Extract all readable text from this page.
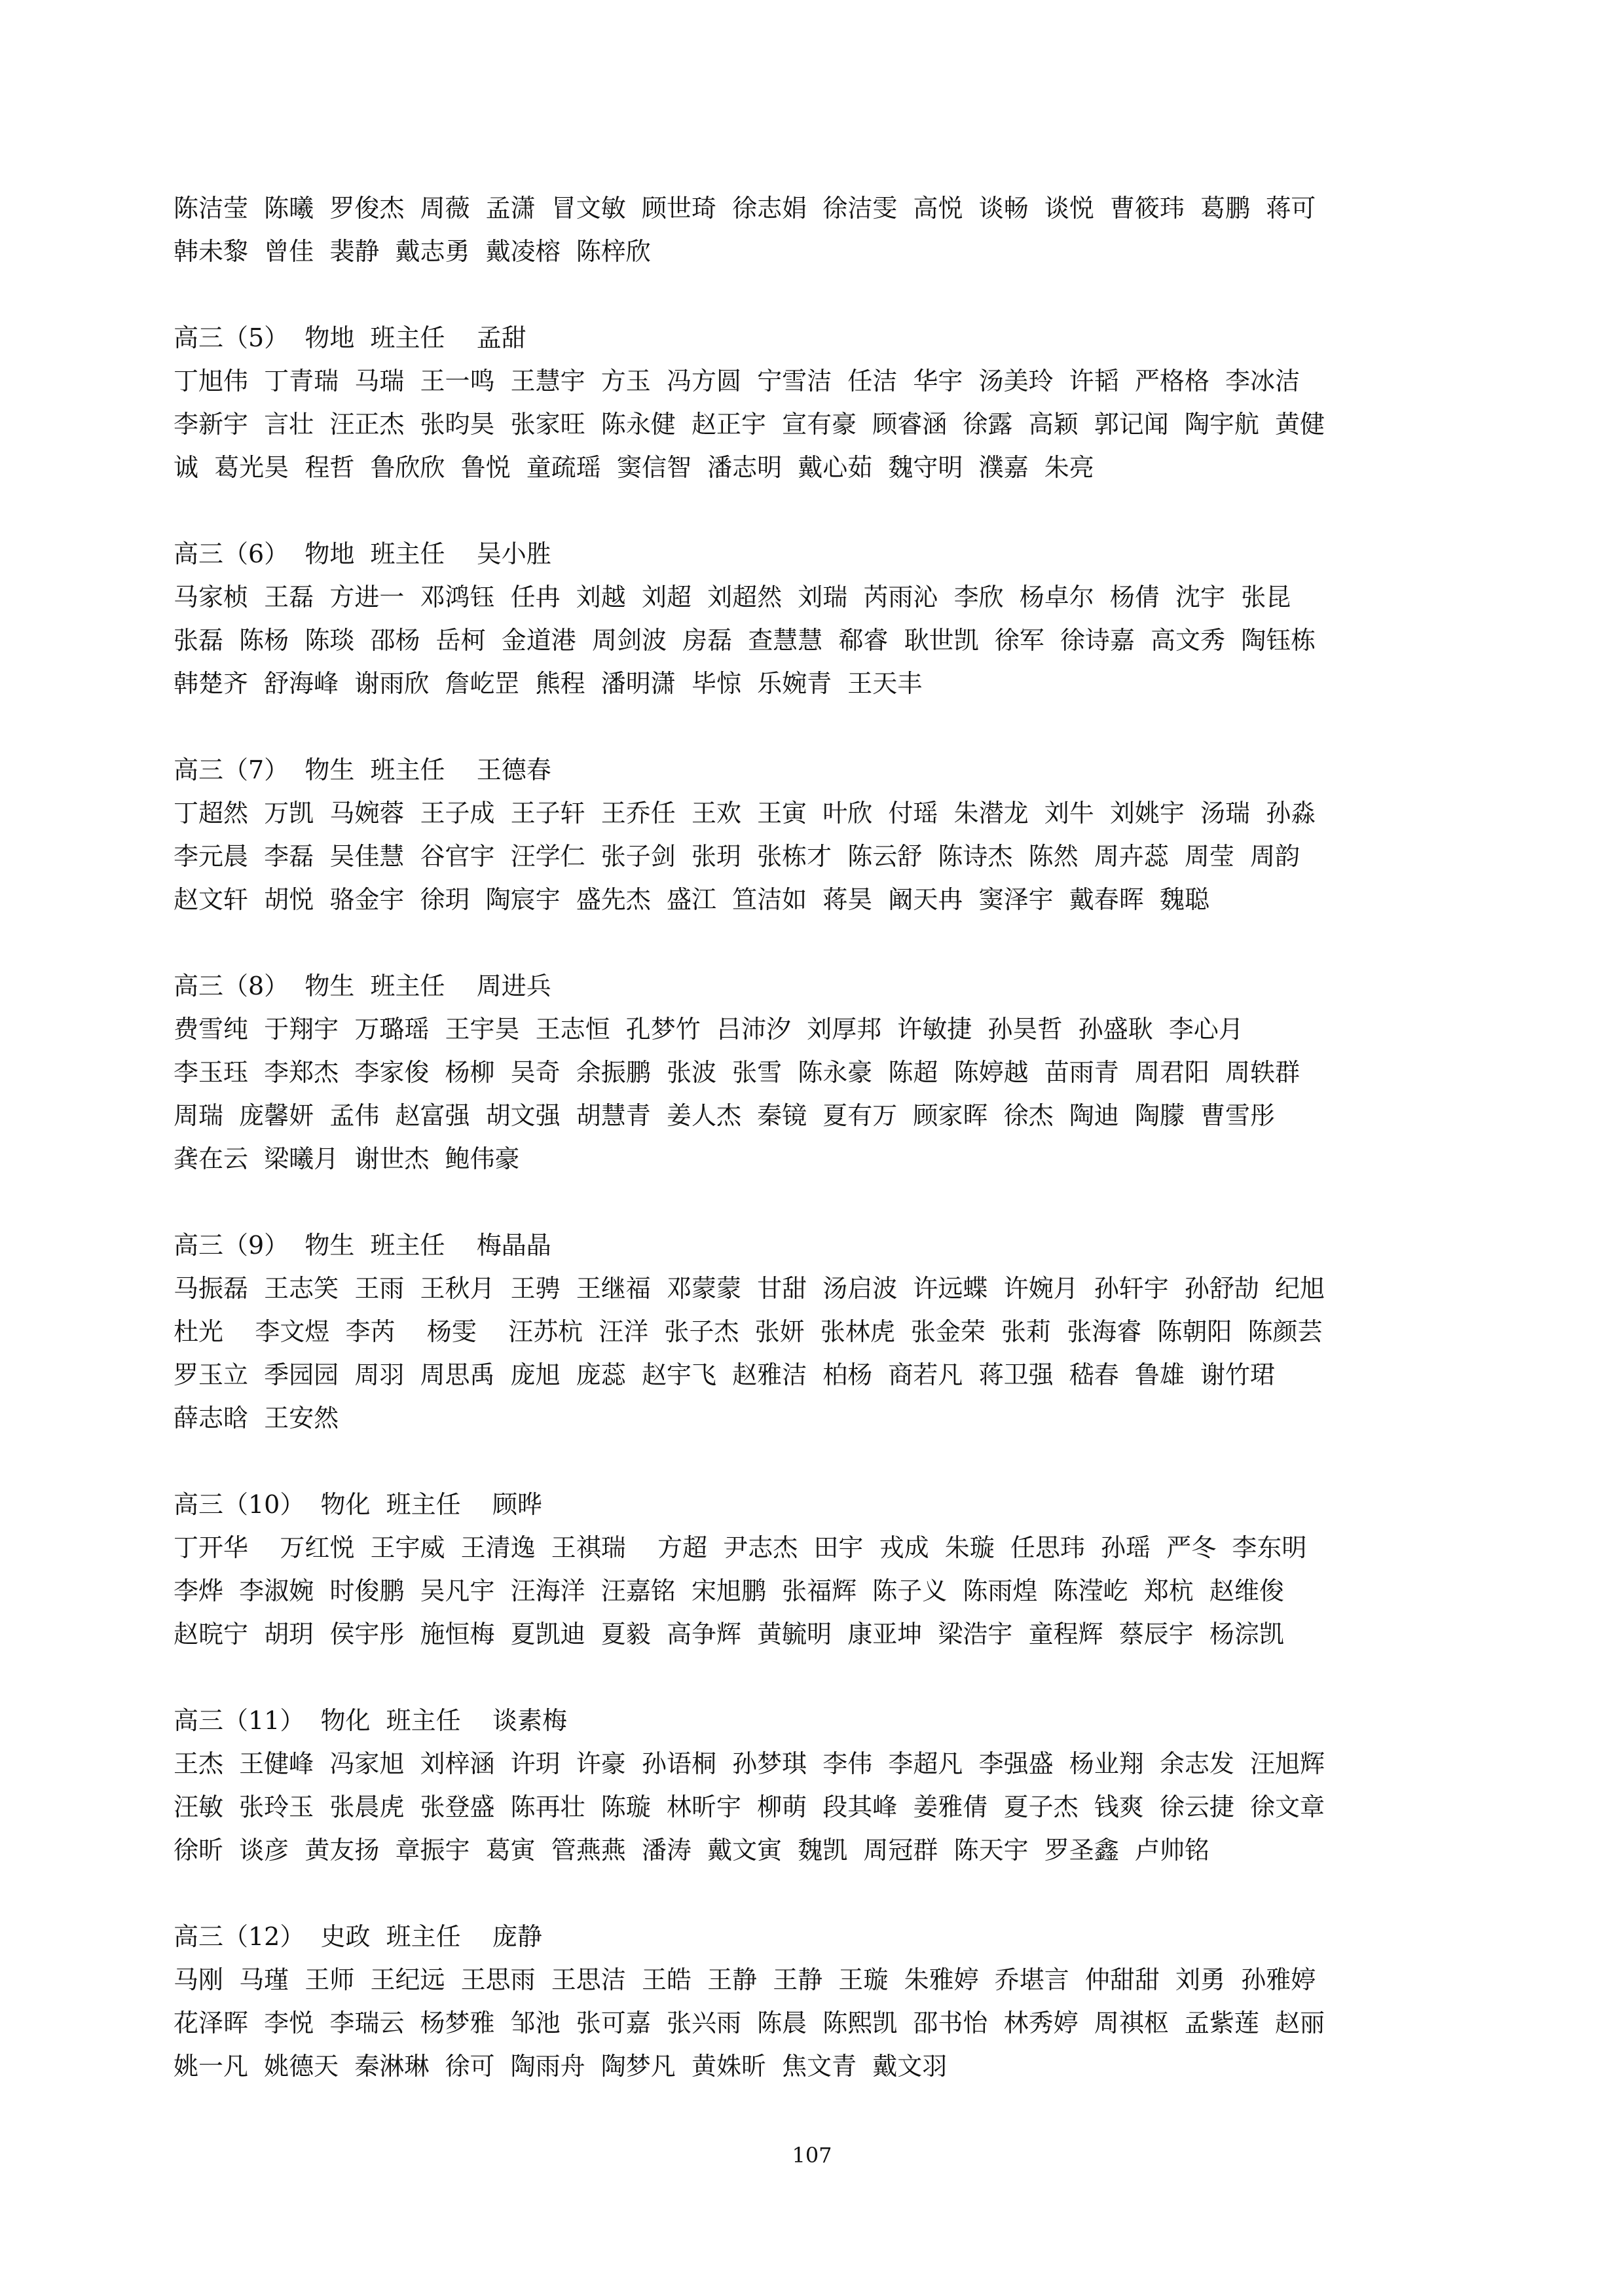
陈洁莹  陈曦  罗俊杰  周薇  孟潇  冒文敏  顾世琦  徐志娟  徐洁雯  高悦  谈畅  谈悦  曹筱玮  葛鹏  蒋可
韩未黎  曾佳  裴静  戴志勇  戴凌榕  陈梓欣
高三（5）  物地  班主任    孟甜
丁旭伟  丁青瑞  马瑞  王一鸣  王慧宇  方玉  冯方圆  宁雪洁  任洁  华宇  汤美玲  许韬  严格格  李冰洁
李新宇  言壮  汪正杰  张昀昊  张家旺  陈永健  赵正宇  宣有豪  顾睿涵  徐露  高颖  郭记闻  陶宇航  黄健
诚  葛光昊  程哲  鲁欣欣  鲁悦  童疏瑶  窦信智  潘志明  戴心茹  魏守明  濮嘉  朱亮
高三（6）  物地  班主任    吴小胜
马家桢  王磊  方进一  邓鸿钰  任冉  刘越  刘超  刘超然  刘瑞  芮雨沁  李欣  杨卓尔  杨倩  沈宇  张昆
张磊  陈杨  陈琰  邵杨  岳柯  金道港  周剑波  房磊  查慧慧  郗睿  耿世凯  徐军  徐诗嘉  高文秀  陶钰栋
韩楚齐  舒海峰  谢雨欣  詹屹罡  熊程  潘明潇  毕惊  乐婉青  王天丰
高三（7）  物生  班主任    王德春
丁超然  万凯  马婉蓉  王子成  王子轩  王乔任  王欢  王寅  叶欣  付瑶  朱潜龙  刘牛  刘姚宇  汤瑞  孙淼
李元晨  李磊  吴佳慧  谷官宇  汪学仁  张子剑  张玥  张栋才  陈云舒  陈诗杰  陈然  周卉蕊  周莹  周韵
赵文轩  胡悦  骆金宇  徐玥  陶宸宇  盛先杰  盛江  笪洁如  蒋昊  阚天冉  窦泽宇  戴春晖  魏聪
高三（8）  物生  班主任    周进兵
费雪纯  于翔宇  万璐瑶  王宇昊  王志恒  孔梦竹  吕沛汐  刘厚邦  许敏捷  孙昊哲  孙盛耿  李心月
李玉珏  李郑杰  李家俊  杨柳  吴奇  余振鹏  张波  张雪  陈永豪  陈超  陈婷越  苗雨青  周君阳  周轶群
周瑞  庞馨妍  孟伟  赵富强  胡文强  胡慧青  姜人杰  秦镜  夏有万  顾家晖  徐杰  陶迪  陶朦  曹雪彤
龚在云  梁曦月  谢世杰  鲍伟豪
高三（9）  物生  班主任    梅晶晶
马振磊  王志笑  王雨  王秋月  王骋  王继福  邓蒙蒙  甘甜  汤启波  许远蝶  许婉月  孙轩宇  孙舒劼  纪旭
杜光    李文煜  李芮    杨雯    汪苏杭  汪洋  张子杰  张妍  张林虎  张金荣  张莉  张海睿  陈朝阳  陈颜芸
罗玉立  季园园  周羽  周思禹  庞旭  庞蕊  赵宇飞  赵雅洁  柏杨  商若凡  蒋卫强  嵇春  鲁雄  谢竹珺
薛志晗  王安然
高三（10）  物化  班主任    顾晔
丁开华    万红悦  王宇威  王清逸  王祺瑞    方超  尹志杰  田宇  戎成  朱璇  任思玮  孙瑶  严冬  李东明
李烨  李淑婉  时俊鹏  吴凡宇  汪海洋  汪嘉铭  宋旭鹏  张福辉  陈子义  陈雨煌  陈滢屹  郑杭  赵维俊
赵晥宁  胡玥  侯宇彤  施恒梅  夏凯迪  夏毅  高争辉  黄毓明  康亚坤  梁浩宇  童程辉  蔡辰宇  杨淙凯
高三（11）  物化  班主任    谈素梅
王杰  王健峰  冯家旭  刘梓涵  许玥  许豪  孙语桐  孙梦琪  李伟  李超凡  李强盛  杨业翔  余志发  汪旭辉
汪敏  张玲玉  张晨虎  张登盛  陈再壮  陈璇  林昕宇  柳萌  段其峰  姜雅倩  夏子杰  钱爽  徐云捷  徐文章
徐昕  谈彦  黄友扬  章振宇  葛寅  管燕燕  潘涛  戴文寅  魏凯  周冠群  陈天宇  罗圣鑫  卢帅铭
高三（12）  史政  班主任    庞静
马刚  马瑾  王师  王纪远  王思雨  王思洁  王皓  王静  王静  王璇  朱雅婷  乔堪言  仲甜甜  刘勇  孙雅婷
花泽晖  李悦  李瑞云  杨梦雅  邹池  张可嘉  张兴雨  陈晨  陈熙凯  邵书怡  林秀婷  周祺枢  孟紫莲  赵丽
姚一凡  姚德天  秦淋琳  徐可  陶雨舟  陶梦凡  黄姝昕  焦文青  戴文羽
107
